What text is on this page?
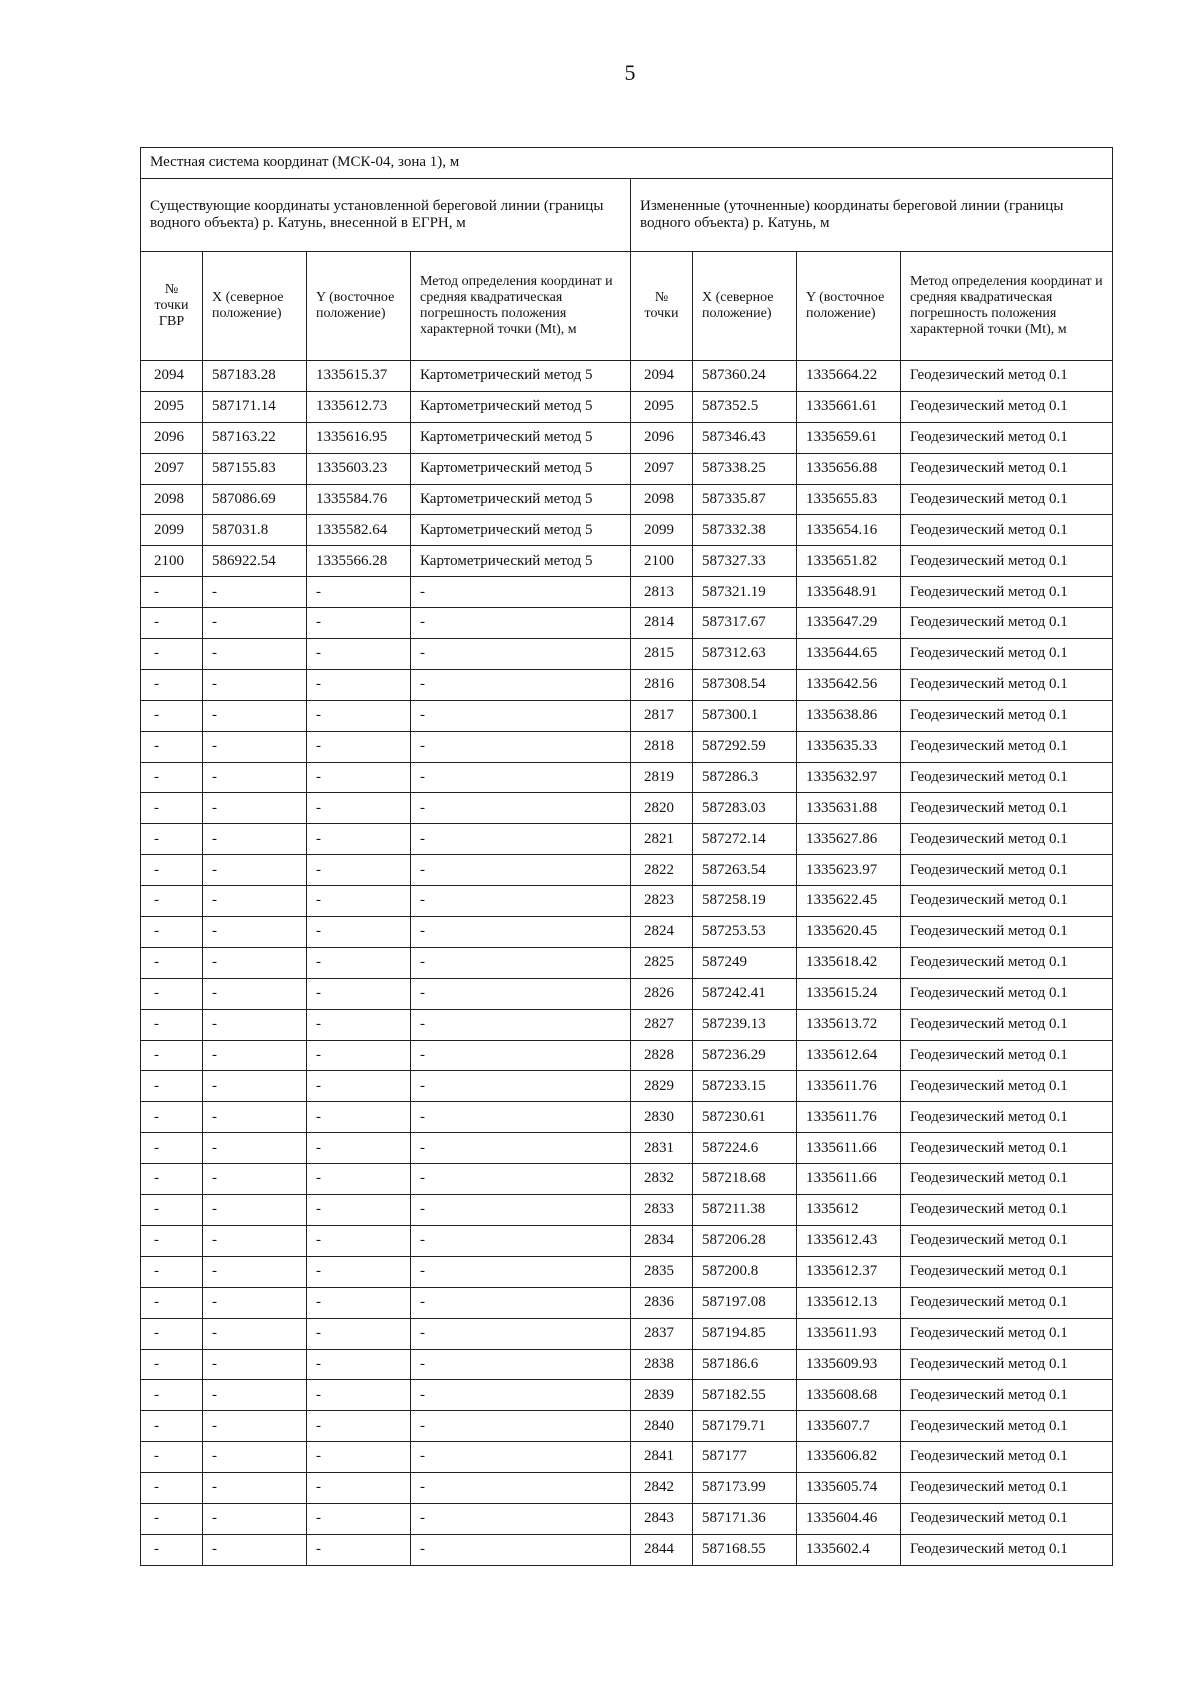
5
Местная система координат (МСК-04, зона 1), м							
Существующие координаты установленной береговой линии (границы водного объекта) р. Катунь, внесенной в ЕГРН, м				Измененные (уточненные) координаты береговой линии (границы водного объекта) р. Катунь, м			
№ точки ГВР	X (северное положение)	Y (восточное положение)	Метод определения координат и средняя квадратическая погрешность положения характерной точки (Mt), м	№ точки	X (северное положение)	Y (восточное положение)	Метод определения координат и средняя квадратическая погрешность положения характерной точки (Mt), м
2094	587183.28	1335615.37	Картометрический метод 5	2094	587360.24	1335664.22	Геодезический метод 0.1
2095	587171.14	1335612.73	Картометрический метод 5	2095	587352.5	1335661.61	Геодезический метод 0.1
2096	587163.22	1335616.95	Картометрический метод 5	2096	587346.43	1335659.61	Геодезический метод 0.1
2097	587155.83	1335603.23	Картометрический метод 5	2097	587338.25	1335656.88	Геодезический метод 0.1
2098	587086.69	1335584.76	Картометрический метод 5	2098	587335.87	1335655.83	Геодезический метод 0.1
2099	587031.8	1335582.64	Картометрический метод 5	2099	587332.38	1335654.16	Геодезический метод 0.1
2100	586922.54	1335566.28	Картометрический метод 5	2100	587327.33	1335651.82	Геодезический метод 0.1
-	-	-	-	2813	587321.19	1335648.91	Геодезический метод 0.1
-	-	-	-	2814	587317.67	1335647.29	Геодезический метод 0.1
-	-	-	-	2815	587312.63	1335644.65	Геодезический метод 0.1
-	-	-	-	2816	587308.54	1335642.56	Геодезический метод 0.1
-	-	-	-	2817	587300.1	1335638.86	Геодезический метод 0.1
-	-	-	-	2818	587292.59	1335635.33	Геодезический метод 0.1
-	-	-	-	2819	587286.3	1335632.97	Геодезический метод 0.1
-	-	-	-	2820	587283.03	1335631.88	Геодезический метод 0.1
-	-	-	-	2821	587272.14	1335627.86	Геодезический метод 0.1
-	-	-	-	2822	587263.54	1335623.97	Геодезический метод 0.1
-	-	-	-	2823	587258.19	1335622.45	Геодезический метод 0.1
-	-	-	-	2824	587253.53	1335620.45	Геодезический метод 0.1
-	-	-	-	2825	587249	1335618.42	Геодезический метод 0.1
-	-	-	-	2826	587242.41	1335615.24	Геодезический метод 0.1
-	-	-	-	2827	587239.13	1335613.72	Геодезический метод 0.1
-	-	-	-	2828	587236.29	1335612.64	Геодезический метод 0.1
-	-	-	-	2829	587233.15	1335611.76	Геодезический метод 0.1
-	-	-	-	2830	587230.61	1335611.76	Геодезический метод 0.1
-	-	-	-	2831	587224.6	1335611.66	Геодезический метод 0.1
-	-	-	-	2832	587218.68	1335611.66	Геодезический метод 0.1
-	-	-	-	2833	587211.38	1335612	Геодезический метод 0.1
-	-	-	-	2834	587206.28	1335612.43	Геодезический метод 0.1
-	-	-	-	2835	587200.8	1335612.37	Геодезический метод 0.1
-	-	-	-	2836	587197.08	1335612.13	Геодезический метод 0.1
-	-	-	-	2837	587194.85	1335611.93	Геодезический метод 0.1
-	-	-	-	2838	587186.6	1335609.93	Геодезический метод 0.1
-	-	-	-	2839	587182.55	1335608.68	Геодезический метод 0.1
-	-	-	-	2840	587179.71	1335607.7	Геодезический метод 0.1
-	-	-	-	2841	587177	1335606.82	Геодезический метод 0.1
-	-	-	-	2842	587173.99	1335605.74	Геодезический метод 0.1
-	-	-	-	2843	587171.36	1335604.46	Геодезический метод 0.1
-	-	-	-	2844	587168.55	1335602.4	Геодезический метод 0.1
